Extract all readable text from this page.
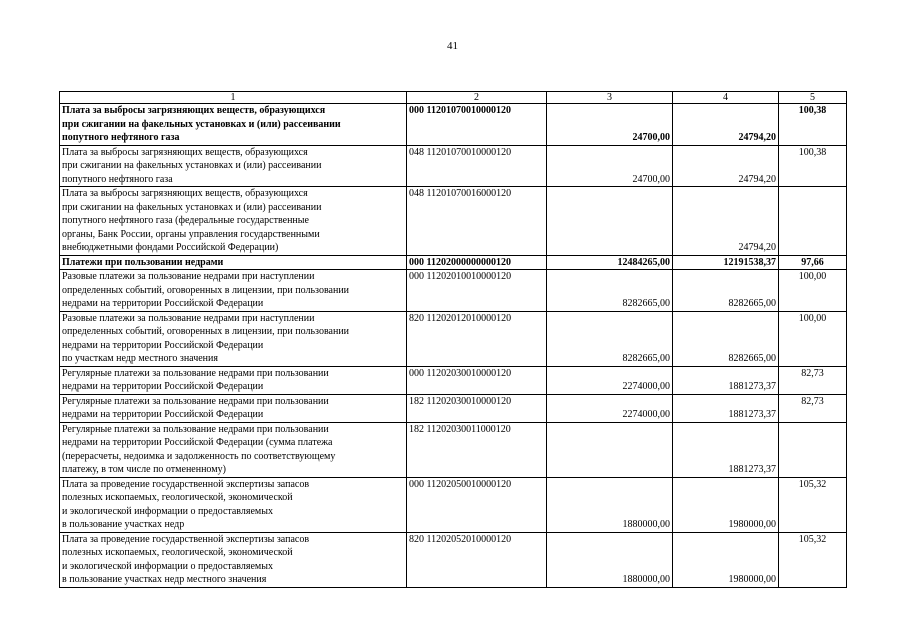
41
1	2	3	4	5
Плата за выбросы загрязняющих веществ, образующихся
при сжигании на факельных установках и (или) рассеивании
попутного нефтяного газа	000 11201070010000120	24700,00	24794,20	100,38
Плата за выбросы загрязняющих веществ, образующихся
при сжигании на факельных установках и (или) рассеивании
попутного нефтяного газа	048 11201070010000120	24700,00	24794,20	100,38
Плата за выбросы загрязняющих веществ, образующихся
при сжигании на факельных установках и (или) рассеивании
попутного нефтяного газа (федеральные государственные
органы, Банк России, органы управления государственными
внебюджетными фондами Российской Федерации)	048 11201070016000120		24794,20	
Платежи при пользовании недрами	000 11202000000000120	12484265,00	12191538,37	97,66
Разовые платежи за пользование недрами при наступлении
определенных событий, оговоренных в лицензии, при пользовании
недрами на территории Российской Федерации	000 11202010010000120	8282665,00	8282665,00	100,00
Разовые платежи за пользование недрами при наступлении
определенных событий, оговоренных в лицензии, при пользовании
недрами на территории Российской Федерации
по участкам недр местного значения	820 11202012010000120	8282665,00	8282665,00	100,00
Регулярные платежи за пользование недрами при пользовании
недрами на территории Российской Федерации	000 11202030010000120	2274000,00	1881273,37	82,73
Регулярные платежи за пользование недрами при пользовании
недрами на территории Российской Федерации	182 11202030010000120	2274000,00	1881273,37	82,73
Регулярные платежи за пользование недрами при пользовании
недрами на территории Российской Федерации (сумма платежа
(перерасчеты, недоимка и задолженность по соответствующему
платежу, в том числе по отмененному)	182 11202030011000120		1881273,37	
Плата за проведение государственной экспертизы запасов
полезных ископаемых, геологической, экономической
и экологической информации о предоставляемых
в пользование участках недр	000 11202050010000120	1880000,00	1980000,00	105,32
Плата за проведение государственной экспертизы запасов
полезных ископаемых, геологической, экономической
и экологической информации о предоставляемых
в пользование участках недр местного значения	820 11202052010000120	1880000,00	1980000,00	105,32
